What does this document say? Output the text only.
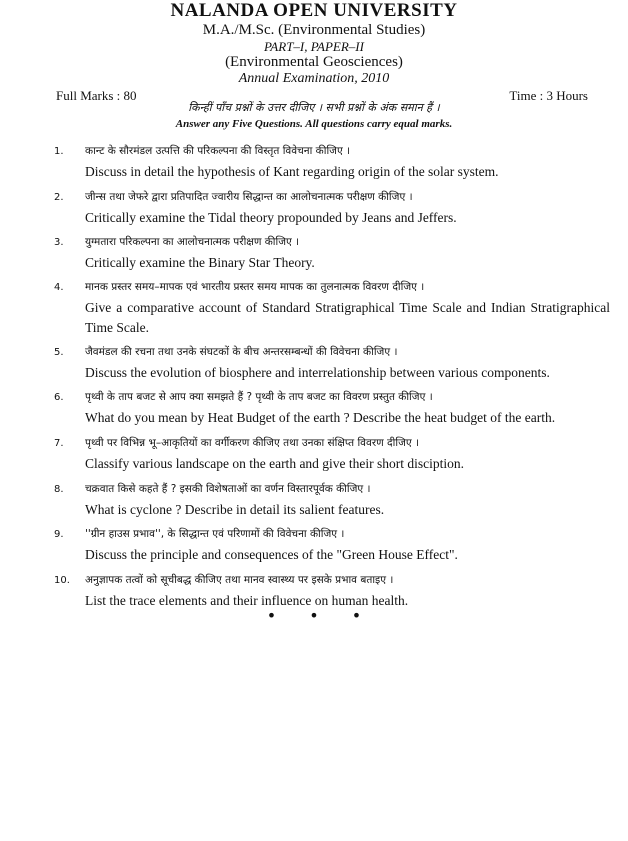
NALANDA OPEN UNIVERSITY
M.A./M.Sc. (Environmental Studies)
PART–I, PAPER–II
(Environmental Geosciences)
Annual Examination, 2010
Full Marks : 80	Time : 3 Hours
किन्हीं पाँच प्रश्नों के उत्तर दीजिए । सभी प्रश्नों के अंक समान हैं ।
Answer any Five Questions. All questions carry equal marks.
1. कान्ट के सौरमंडल उत्पत्ति की परिकल्पना की विस्तृत विवेचना कीजिए ।
Discuss in detail the hypothesis of Kant regarding origin of the solar system.
2. जीन्स तथा जेफरे द्वारा प्रतिपादित ज्वारीय सिद्धान्त का आलोचनात्मक परीक्षण कीजिए ।
Critically examine the Tidal theory propounded by Jeans and Jeffers.
3. युग्मतारा परिकल्पना का आलोचनात्मक परीक्षण कीजिए ।
Critically examine the Binary Star Theory.
4. मानक प्रस्तर समय–मापक एवं भारतीय प्रस्तर समय मापक का तुलनात्मक विवरण दीजिए ।
Give a comparative account of Standard Stratigraphical Time Scale and Indian Stratigraphical Time Scale.
5. जैवमंडल की रचना तथा उनके संघटकों के बीच अन्तरसम्बन्धों की विवेचना कीजिए ।
Discuss the evolution of biosphere and interrelationship between various components.
6. पृथ्वी के ताप बजट से आप क्या समझते हैं ? पृथ्वी के ताप बजट का विवरण प्रस्तुत कीजिए ।
What do you mean by Heat Budget of the earth ? Describe the heat budget of the earth.
7. पृथ्वी पर विभिन्न भू–आकृतियों का वर्गीकरण कीजिए तथा उनका संक्षिप्त विवरण दीजिए ।
Classify various landscape on the earth and give their short disciption.
8. चक्रवात किसे कहते हैं ? इसकी विशेषताओं का वर्णन विस्तारपूर्वक कीजिए ।
What is cyclone ? Describe in detail its salient features.
9. ''ग्रीन हाउस प्रभाव'', के सिद्धान्त एवं परिणामों की विवेचना कीजिए ।
Discuss the principle and consequences of the "Green House Effect".
10. अनुज्ञापक तत्वों को सूचीबद्ध कीजिए तथा मानव स्वास्थ्य पर इसके प्रभाव बताइए ।
List the trace elements and their influence on human health.
• • •
